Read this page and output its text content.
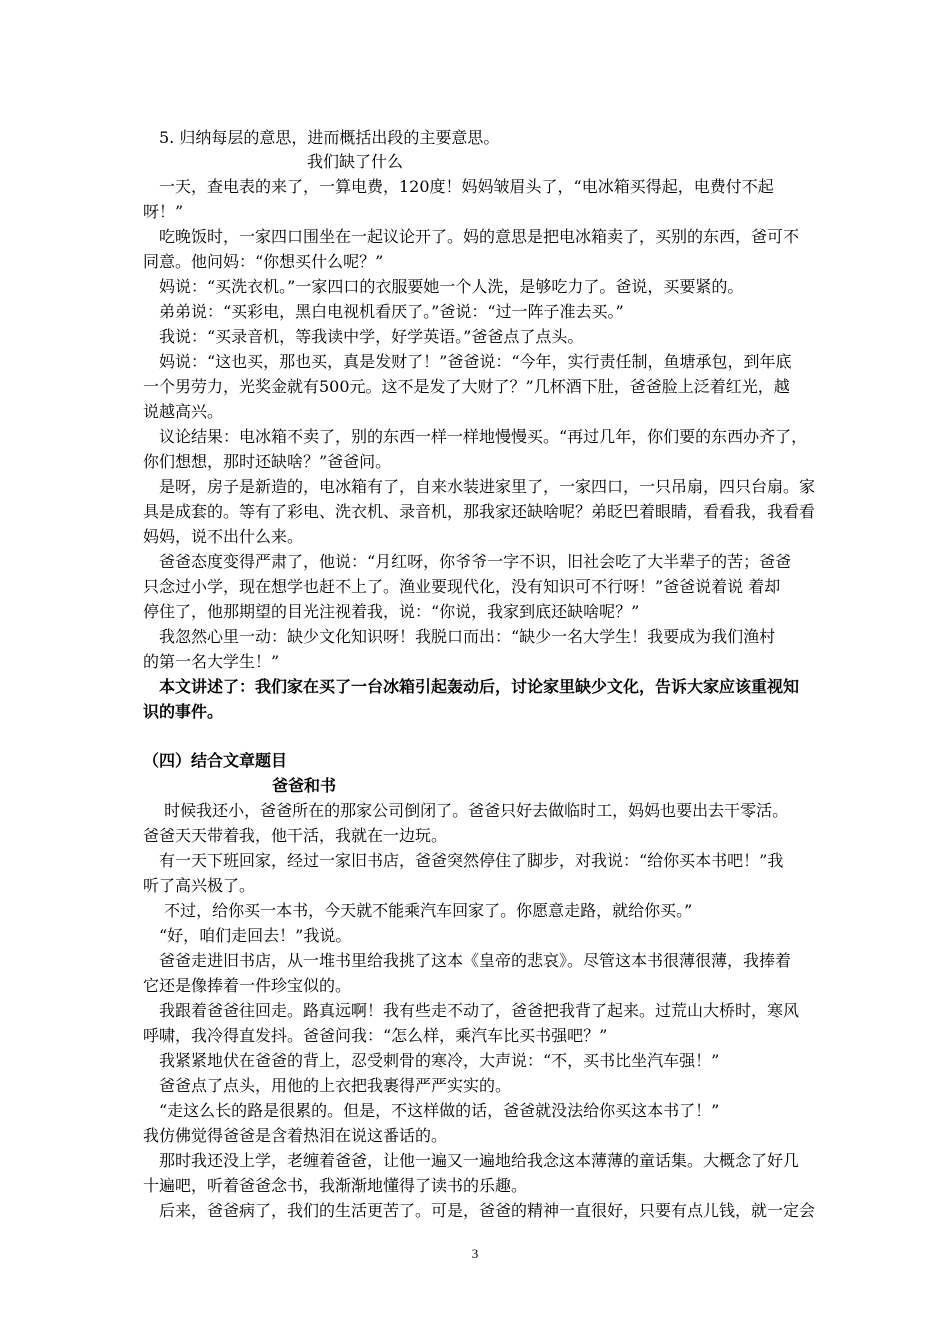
　5. 归纳每层的意思，进而概括出段的主要意思。
我们缺了什么
　一天，查电表的来了，一算电费，120度！妈妈皱眉头了，“电冰箱买得起，电费付不起
呀！”
　吃晚饭时，一家四口围坐在一起议论开了。妈的意思是把电冰箱卖了，买别的东西，爸可不
同意。他问妈：“你想买什么呢？”
　妈说：“买洗衣机。”一家四口的衣服要她一个人洗，是够吃力了。爸说，买要紧的。
　弟弟说：“买彩电，黑白电视机看厌了。”爸说：“过一阵子准去买。”
　我说：“买录音机，等我读中学，好学英语。”爸爸点了点头。
　妈说：“这也买，那也买，真是发财了！”爸爸说：“今年，实行责任制，鱼塘承包，到年底
一个男劳力，光奖金就有500元。这不是发了大财了？”几杯酒下肚，爸爸脸上泛着红光，越
说越高兴。
　议论结果：电冰箱不卖了，别的东西一样一样地慢慢买。“再过几年，你们要的东西办齐了，
你们想想，那时还缺啥？”爸爸问。
　是呀，房子是新造的，电冰箱有了，自来水装进家里了，一家四口，一只吊扇，四只台扇。家
具是成套的。等有了彩电、洗衣机、录音机，那我家还缺啥呢？弟眨巴着眼睛，看看我，我看看
妈妈，说不出什么来。
　爸爸态度变得严肃了，他说：“月红呀，你爷爷一字不识，旧社会吃了大半辈子的苦；爸爸
只念过小学，现在想学也赶不上了。渔业要现代化，没有知识可不行呀！”爸爸说着说 着却
停住了，他那期望的目光注视着我，说：“你说，我家到底还缺啥呢？”
　我忽然心里一动：缺少文化知识呀！我脱口而出：“缺少一名大学生！我要成为我们渔村
的第一名大学生！”
　本文讲述了：我们家在买了一台冰箱引起轰动后，讨论家里缺少文化，告诉大家应该重视知
识的事件。
（四）结合文章题目
爸爸和书
　 时候我还小，爸爸所在的那家公司倒闭了。爸爸只好去做临时工，妈妈也要出去干零活。
爸爸天天带着我，他干活，我就在一边玩。
　有一天下班回家，经过一家旧书店，爸爸突然停住了脚步，对我说：“给你买本书吧！”我
听了高兴极了。
　 不过，给你买一本书，今天就不能乘汽车回家了。你愿意走路，就给你买。”
　“好，咱们走回去！”我说。
　爸爸走进旧书店，从一堆书里给我挑了这本《皇帝的悲哀》。尽管这本书很薄很薄，我捧着
它还是像捧着一件珍宝似的。
　我跟着爸爸往回走。路真远啊！我有些走不动了，爸爸把我背了起来。过荒山大桥时，寒风
呼啸，我冷得直发抖。爸爸问我：“怎么样，乘汽车比买书强吧？”
　我紧紧地伏在爸爸的背上，忍受刺骨的寒冷，大声说：“不，买书比坐汽车强！”
　爸爸点了点头，用他的上衣把我裹得严严实实的。
　“走这么长的路是很累的。但是，不这样做的话，爸爸就没法给你买这本书了！”
我仿佛觉得爸爸是含着热泪在说这番话的。
　那时我还没上学，老缠着爸爸，让他一遍又一遍地给我念这本薄薄的童话集。大概念了好几
十遍吧，听着爸爸念书，我渐渐地懂得了读书的乐趣。
　后来，爸爸病了，我们的生活更苦了。可是，爸爸的精神一直很好，只要有点儿钱，就一定会
3
